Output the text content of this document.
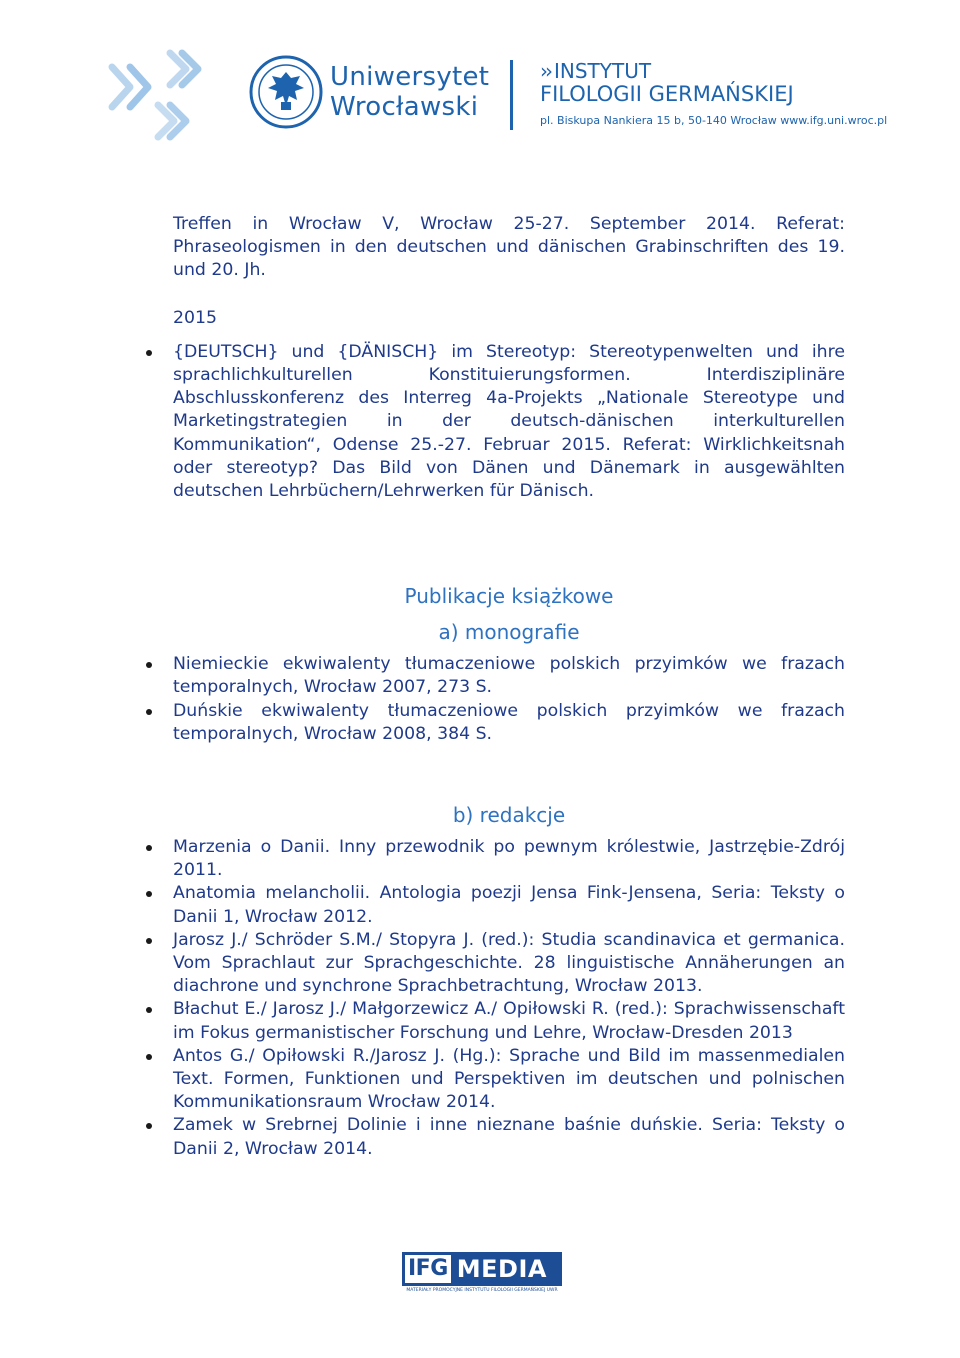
Uniwersytet
Wrocławski
›› INSTYTUT
FILOLOGII GERMAŃSKIEJ
pl. Biskupa Nankiera 15 b, 50-140 Wrocław www.ifg.uni.wroc.pl

Treffen in Wrocław V, Wrocław 25-27. September 2014. Referat: Phraseologismen in den deutschen und dänischen Grabinschriften des 19. und 20. Jh.

2015

{DEUTSCH} und {DÄNISCH} im Stereotyp: Stereotypenwelten und ihre sprachlichkulturellen Konstituierungsformen. Interdisziplinäre Abschlusskonferenz des Interreg 4a-Projekts „Nationale Stereotype und Marketingstrategien in der deutsch-dänischen interkulturellen Kommunikation“, Odense 25.-27. Februar 2015. Referat: Wirklichkeitsnah oder stereotyp? Das Bild von Dänen und Dänemark in ausgewählten deutschen Lehrbüchern/Lehrwerken für Dänisch.

Publikacje książkowe

a) monografie

Niemieckie ekwiwalenty tłumaczeniowe polskich przyimków we frazach temporalnych, Wrocław 2007, 273 S.
Duńskie ekwiwalenty tłumaczeniowe polskich przyimków we frazach temporalnych, Wrocław 2008, 384 S.

b) redakcje

Marzenia o Danii. Inny przewodnik po pewnym królestwie, Jastrzębie-Zdrój 2011.
Anatomia melancholii. Antologia poezji Jensa Fink-Jensena, Seria: Teksty o Danii 1, Wrocław 2012.
Jarosz J./ Schröder S.M./ Stopyra J. (red.): Studia scandinavica et germanica. Vom Sprachlaut zur Sprachgeschichte. 28 linguistische Annäherungen an diachrone und synchrone Sprachbetrachtung, Wrocław 2013.
Błachut E./ Jarosz J./ Małgorzewicz A./ Opiłowski R. (red.): Sprachwissenschaft im Fokus germanistischer Forschung und Lehre, Wrocław-Dresden 2013
Antos G./ Opiłowski R./Jarosz J. (Hg.): Sprache und Bild im massenmedialen Text. Formen, Funktionen und Perspektiven im deutschen und polnischen Kommunikationsraum Wrocław 2014.
Zamek w Srebrnej Dolinie i inne nieznane baśnie duńskie. Seria: Teksty o Danii 2, Wrocław 2014.
IFG MEDIA
MATERIAŁY PROMOCYJNE INSTYTUTU FILOLOGII GERMAŃSKIEJ UWR
